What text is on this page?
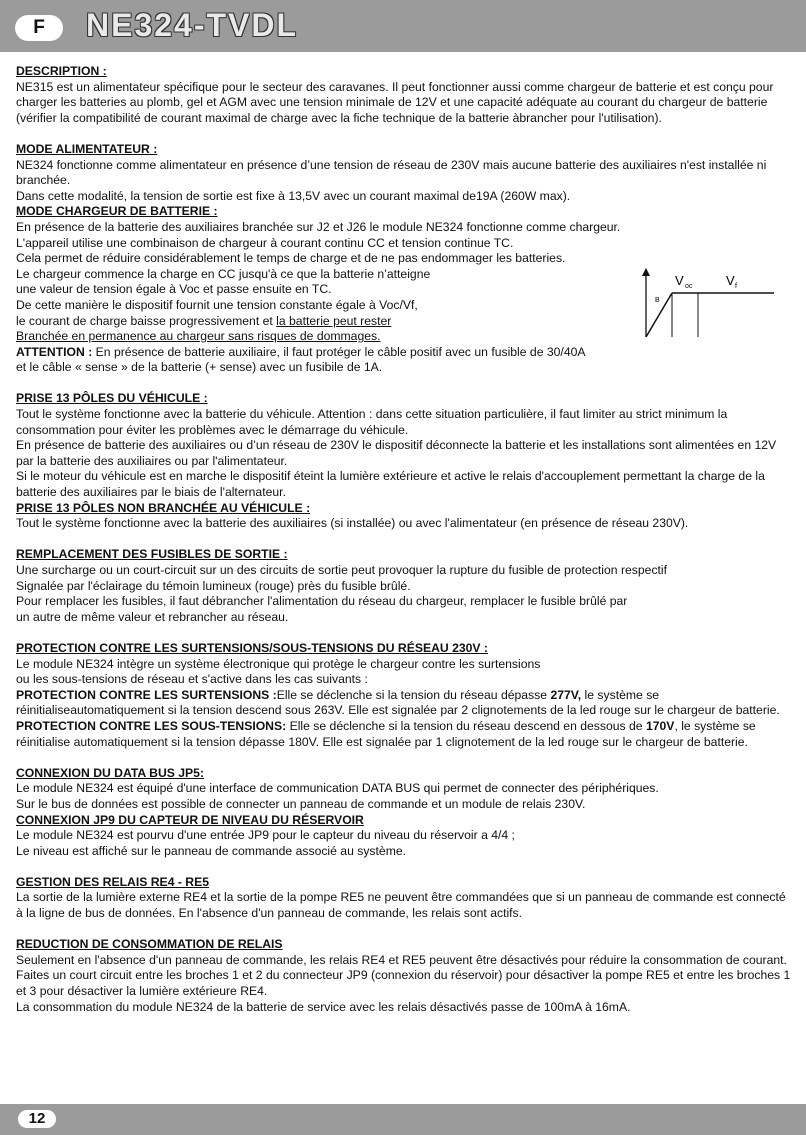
F	NE324-TVDL

DESCRIPTION :

NE315 est un alimentateur spécifique pour le secteur des caravanes. Il peut fonctionner aussi comme chargeur de batterie et est conçu pour charger les batteries au plomb, gel et AGM avec une tension minimale de 12V et une capacité adéquate au courant du chargeur de batterie (vérifier la compatibilité de courant maximal de charge avec la fiche technique de la batterie àbrancher pour l'utilisation).

MODE ALIMENTATEUR :

NE324 fonctionne comme alimentateur en présence d’une tension de réseau de 230V mais aucune batterie des auxiliaires n'est installée ni branchée.

Dans cette modalité, la tension de sortie est fixe à 13,5V avec un courant maximal de19A (260W max).

MODE CHARGEUR DE BATTERIE :

En présence de la batterie des auxiliaires branchée sur J2 et J26 le module NE324 fonctionne comme chargeur.

L'appareil utilise une combinaison de chargeur à courant continu CC et tension continue TC.

Cela permet de réduire considérablement le temps de charge et de ne pas endommager les batteries.

Le chargeur commence la charge en CC jusqu'à ce que la batterie n’atteigne

une valeur de tension égale à Voc et passe ensuite en TC.

De cette manière le dispositif fournit une tension constante égale à Voc/Vf,

le courant de charge baisse progressivement et la batterie peut rester

Branchée en permanence au chargeur sans risques de dommages.

B
V oc	V f

ATTENTION : En présence de batterie auxiliaire, il faut protéger le câble positif avec un fusible de 30/40A

et le câble « sense » de la batterie (+ sense) avec un fusibile de 1A.

PRISE 13 PÔLES DU VÉHICULE :

Tout le système fonctionne avec la batterie du véhicule. Attention : dans cette situation particulière, il faut limiter au strict minimum la consommation pour éviter les problèmes avec le démarrage du véhicule.

En présence de batterie des auxiliaires ou d’un réseau de 230V le dispositif déconnecte la batterie et les installations sont alimentées en 12V par la batterie des auxiliaires ou par l'alimentateur.

Si le moteur du véhicule est en marche le dispositif éteint la lumière extérieure et active le relais d'accouplement permettant la charge de la batterie des auxiliaires par le biais de l'alternateur.

PRISE 13 PÔLES NON BRANCHÉE AU VÉHICULE :

Tout le système fonctionne avec la batterie des auxiliaires (si installée) ou avec l'alimentateur (en présence de réseau 230V).

REMPLACEMENT DES FUSIBLES DE SORTIE :

Une surcharge ou un court-circuit sur un des circuits de sortie peut provoquer la rupture du fusible de protection respectif

Signalée par l'éclairage du témoin lumineux (rouge) près du fusible brûlé.

Pour remplacer les fusibles, il faut débrancher l'alimentation du réseau du chargeur, remplacer le fusible brûlé par

un autre de même valeur et rebrancher au réseau.

PROTECTION CONTRE LES SURTENSIONS/SOUS-TENSIONS DU RÉSEAU 230V :

Le module NE324 intègre un système électronique qui protège le chargeur contre les surtensions

ou les sous-tensions de réseau et s'active dans les cas suivants :

PROTECTION CONTRE LES SURTENSIONS :Elle se déclenche si la tension du réseau dépasse 277V, le système se réinitialiseautomatiquement si la tension descend sous 263V. Elle est signalée par 2 clignotements de la led rouge sur le chargeur de batterie.

PROTECTION CONTRE LES SOUS-TENSIONS: Elle se déclenche si la tension du réseau descend en dessous de 170V, le système se réinitialise automatiquement si la tension dépasse 180V. Elle est signalée par 1 clignotement de la led rouge sur le chargeur de batterie.

CONNEXION DU DATA BUS JP5:

Le module NE324 est équipé d'une interface de communication DATA BUS qui permet de connecter des périphériques.

Sur le bus de données est possible de connecter un panneau de commande et un module de relais 230V.

CONNEXION JP9 DU CAPTEUR DE NIVEAU DU RÉSERVOIR

Le module NE324 est pourvu d'une entrée JP9 pour le capteur du niveau du réservoir a 4/4 ;

Le niveau est affiché sur le panneau de commande associé au système.

GESTION DES RELAIS RE4 - RE5

La sortie de la lumière externe RE4 et la sortie de la pompe RE5 ne peuvent être commandées que si un panneau de commande est connecté à la ligne de bus de données. En l'absence d'un panneau de commande, les relais sont actifs.

REDUCTION DE CONSOMMATION DE RELAIS

Seulement en l'absence d'un panneau de commande, les relais RE4 et RE5 peuvent être désactivés pour réduire la consommation de courant.

Faites un court circuit entre les broches 1 et 2 du connecteur JP9 (connexion du réservoir) pour désactiver la pompe RE5 et entre les broches 1 et 3 pour désactiver la lumière extérieure RE4.

La consommation du module NE324 de la batterie de service avec les relais désactivés passe de 100mA à 16mA.

12
